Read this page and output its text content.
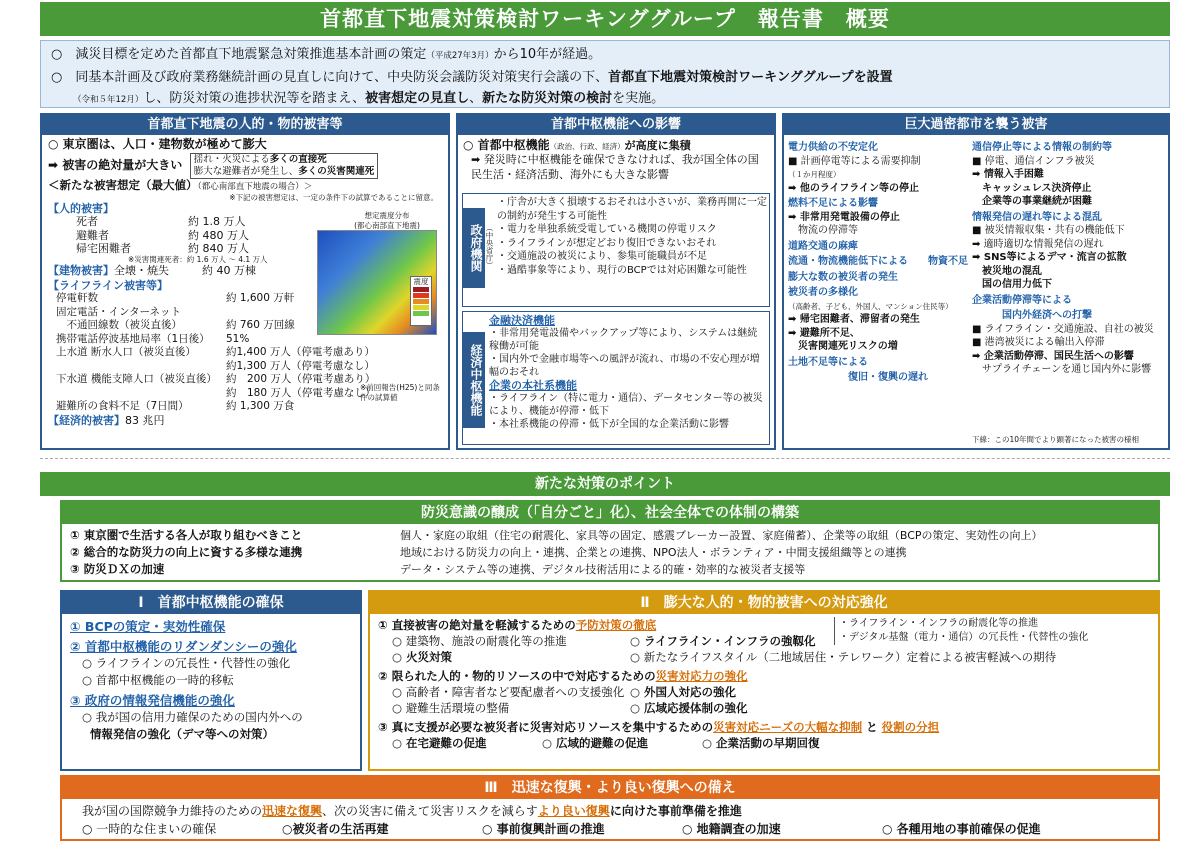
首都直下地震対策検討ワーキンググループ　報告書　概要
○　減災目標を定めた首都直下地震緊急対策推進基本計画の策定（平成27年3月）から10年が経過。
○　同基本計画及び政府業務継続計画の見直しに向けて、中央防災会議防災対策実行会議の下、首都直下地震対策検討ワーキンググループを設置
（令和５年12月）し、防災対策の進捗状況等を踏まえ、被害想定の見直し、新たな防災対策の検討を実施。
首都直下地震の人的・物的被害等
○ 東京圏は、人口・建物数が極めて膨大
➡ 被害の絶対量が大きい 揺れ・火災による多くの直接死
膨大な避難者が発生し、多くの災害関連死
＜新たな被害想定（最大値）（都心南部直下地震の場合）＞
※下記の被害想定は、一定の条件下の試算であることに留意。
【人的被害】
死者	約 1.8 万人
避難者	約 480 万人
帰宅困難者	約 840 万人
※災害関連死者：約 1.6 万人 ～ 4.1 万人
【建物被害】全壊・焼失　　　約 40 万棟
【ライフライン被害等】
停電軒数	約 1,600 万軒
固定電話・インターネット
　不通回線数（被災直後）	約 760 万回線
携帯電話停波基地局率（1日後） 51%
上水道 断水人口（被災直後）	約1,400 万人（停電考慮あり）
約1,300 万人（停電考慮なし）
下水道 機能支障人口（被災直後） 約　200 万人（停電考慮あり）
約　180 万人（停電考慮なし）
避難所の食料不足（7日間）	約 1,300 万食
【経済的被害】83 兆円
想定震度分布
(都心南部直下地震)
震度
※前回報告(H25)と同条件の試算値
首都中枢機能への影響
○ 首都中枢機能（政治、行政、経済）が高度に集積
➡ 発災時に中枢機能を確保できなければ、我が国全体の国民生活・経済活動、海外にも大きな影響
政府機関 （中央省庁）
・庁舎が大きく損壊するおそれは小さいが、業務再開に一定の制約が発生する可能性
・電力を単独系統受電している機関の停電リスク
・ライフラインが想定どおり復旧できないおそれ
・交通施設の被災により、参集可能職員が不足
・過酷事象等により、現行のBCPでは対応困難な可能性
経済中枢機能
金融決済機能
・非常用発電設備やバックアップ等により、システムは継続稼働が可能
・国内外で金融市場等への風評が流れ、市場の不安心理が増幅のおそれ
企業の本社系機能
・ライフライン（特に電力・通信）、データセンター等の被災により、機能が停滞・低下
・本社系機能の停滞・低下が全国的な企業活動に影響
巨大過密都市を襲う被害
電力供給の不安定化
■ 計画停電等による需要抑制
（１か月程度）
➡ 他のライフライン等の停止
燃料不足による影響
➡ 非常用発電設備の停止
　物流の停滞等
道路交通の麻痺
流通・物流機能低下による　　物資不足
膨大な数の被災者の発生
被災者の多様化
（高齢者、子ども、外国人、マンション住民等）
➡ 帰宅困難者、滞留者の発生
➡ 避難所不足、
　災害関連死リスクの増
土地不足等による
　　　　　　復旧・復興の遅れ
通信停止等による情報の制約等
■ 停電、通信インフラ被災
➡ 情報入手困難
　キャッシュレス決済停止
　企業等の事業継続が困難
情報発信の遅れ等による混乱
■ 被災情報収集・共有の機能低下
➡ 適時適切な情報発信の遅れ
➡ SNS等によるデマ・流言の拡散
　被災地の混乱
　国の信用力低下
企業活動停滞等による
　　　国内外経済への打撃
■ ライフライン・交通施設、自社の被災
■ 港湾被災による輸出入停滞
➡ 企業活動停滞、国民生活への影響
　サプライチェーンを通じ国内外に影響
下線：この10年間でより顕著になった被害の様相
新たな対策のポイント
防災意識の醸成（「自分ごと」化）、社会全体での体制の構築
① 東京圏で生活する各人が取り組むべきこと	個人・家庭の取組（住宅の耐震化、家具等の固定、感震ブレーカー設置、家庭備蓄）、企業等の取組（BCPの策定、実効性の向上）
② 総合的な防災力の向上に資する多様な連携	地域における防災力の向上・連携、企業との連携、NPO法人・ボランティア・中間支援組織等との連携
③ 防災ＤＸの加速	データ・システム等の連携、デジタル技術活用による的確・効率的な被災者支援等
Ⅰ　首都中枢機能の確保
① BCPの策定・実効性確保
② 首都中枢機能のリダンダンシーの強化
○ ライフラインの冗長性・代替性の強化
○ 首都中枢機能の一時的移転
③ 政府の情報発信機能の強化
○ 我が国の信用力確保のための国内外への
情報発信の強化（デマ等への対策）
Ⅱ　膨大な人的・物的被害への対応強化
① 直接被害の絶対量を軽減するための予防対策の徹底
○ 建築物、施設の耐震化等の推進	○ ライフライン・インフラの強靱化
○ 火災対策	○ 新たなライフスタイル（二地域居住・テレワーク）定着による被害軽減への期待
・ライフライン・インフラの耐震化等の推進
・デジタル基盤（電力・通信）の冗長性・代替性の強化
② 限られた人的・物的リソースの中で対応するための災害対応力の強化
○ 高齢者・障害者など要配慮者への支援強化 ○ 外国人対応の強化
○ 避難生活環境の整備	○ 広域応援体制の強化
③ 真に支援が必要な被災者に災害対応リソースを集中するための災害対応ニーズの大幅な抑制 と 役割の分担
○ 在宅避難の促進	○ 広域的避難の促進	○ 企業活動の早期回復
Ⅲ　迅速な復興・より良い復興への備え
我が国の国際競争力維持のための迅速な復興、次の災害に備えて災害リスクを減らすより良い復興に向けた事前準備を推進
○ 一時的な住まいの確保	○被災者の生活再建	○ 事前復興計画の推進	○ 地籍調査の加速	○ 各種用地の事前確保の促進
